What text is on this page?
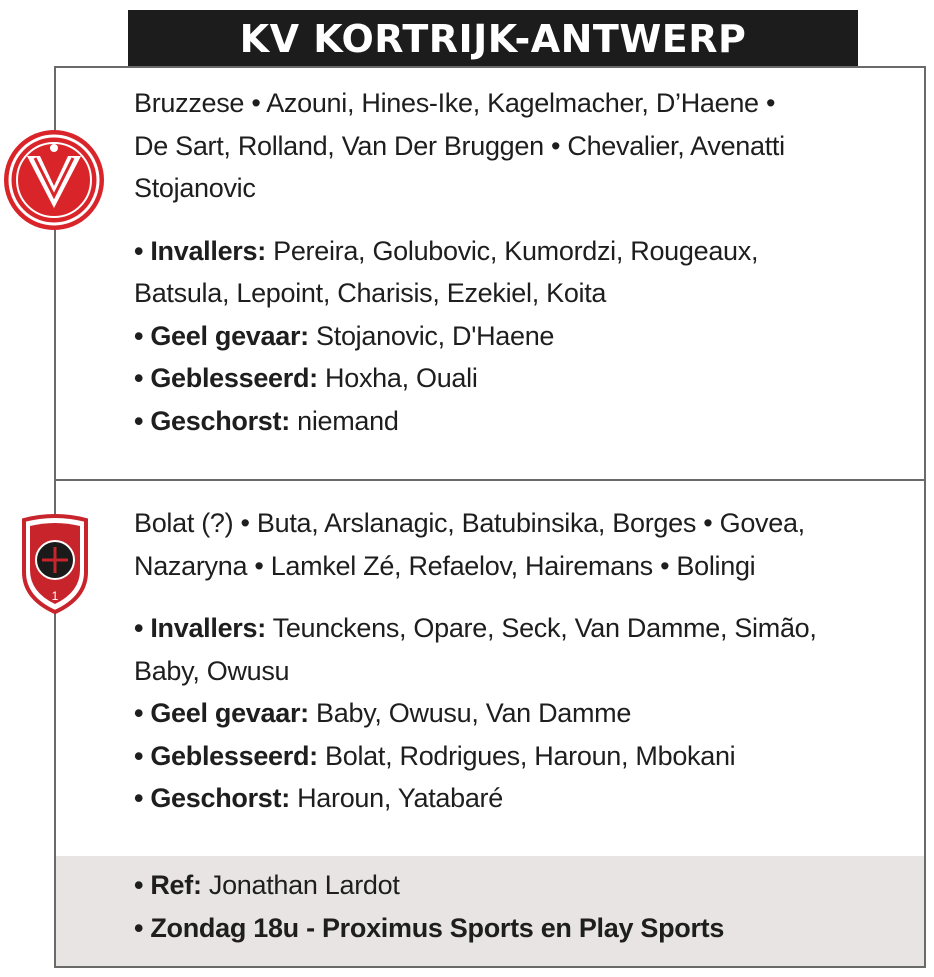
KV KORTRIJK-ANTWERP
1

Bruzzese • Azouni, Hines-Ike, Kagelmacher, D’Haene •

De Sart, Rolland, Van Der Bruggen • Chevalier, Avenatti

Stojanovic

• Invallers: Pereira, Golubovic, Kumordzi, Rougeaux,

Batsula, Lepoint, Charisis, Ezekiel, Koita

• Geel gevaar: Stojanovic, D'Haene

• Geblesseerd: Hoxha, Ouali

• Geschorst: niemand

Bolat (?) • Buta, Arslanagic, Batubinsika, Borges • Govea,

Nazaryna • Lamkel Zé, Refaelov, Hairemans • Bolingi

• Invallers: Teunckens, Opare, Seck, Van Damme, Simão,

Baby, Owusu

• Geel gevaar: Baby, Owusu, Van Damme

• Geblesseerd: Bolat, Rodrigues, Haroun, Mbokani

• Geschorst: Haroun, Yatabaré

• Ref: Jonathan Lardot

• Zondag 18u - Proximus Sports en Play Sports
